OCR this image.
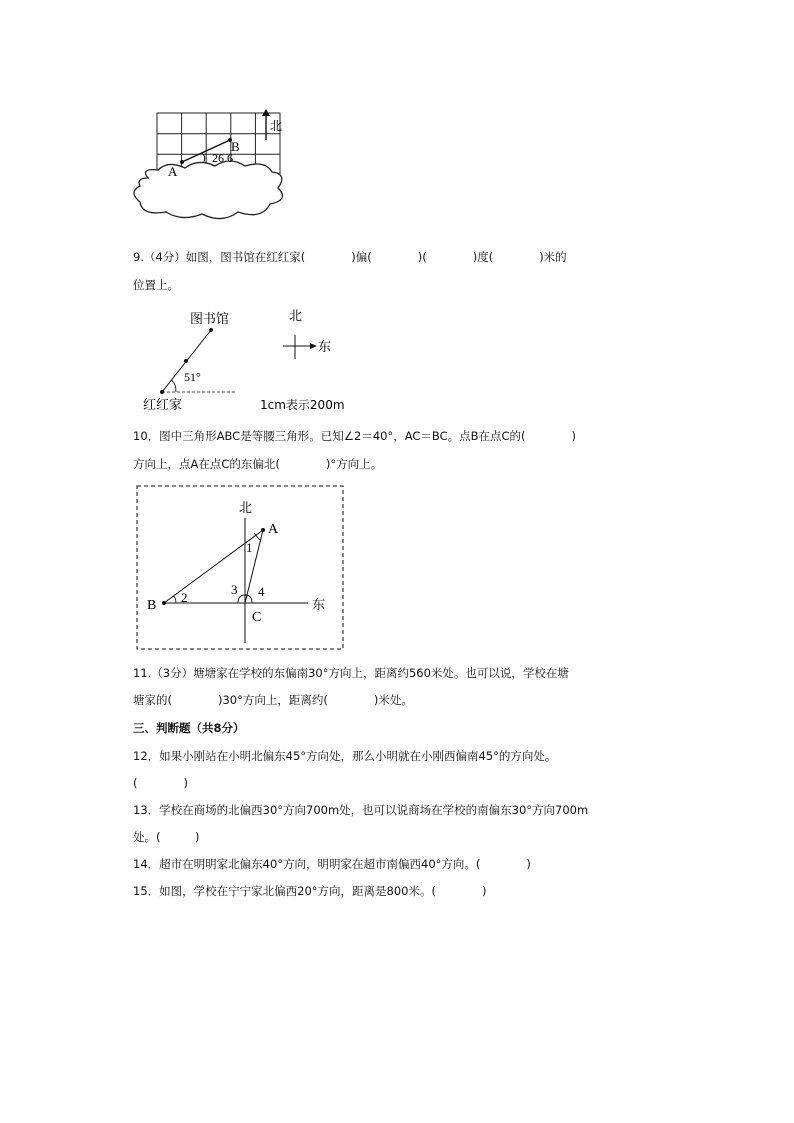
A
B
26.6
北
9.（4分）如图，图书馆在红红家(　　　　)偏(　　　　)(　　　　)度(　　　　)米的
位置上。
图书馆
51°
红红家
北
东
1cm表示200m
10．图中三角形ABC是等腰三角形。已知∠2＝40°，AC＝BC。点B在点C的(　　　　)
方向上，点A在点C的东偏北(　　　　)°方向上。
北
东
A
B
C
1
2
3 4
11.（3分）塘塘家在学校的东偏南30°方向上，距离约560米处。也可以说，学校在塘
塘家的(　　　　)30°方向上，距离约(　　　　)米处。
三、判断题（共8分）
12．如果小刚站在小明北偏东45°方向处，那么小明就在小刚西偏南45°的方向处。
(　　　　)
13．学校在商场的北偏西30°方向700m处，也可以说商场在学校的南偏东30°方向700m
处。(　　　)
14．超市在明明家北偏东40°方向，明明家在超市南偏西40°方向。(　　　　)
15．如图，学校在宁宁家北偏西20°方向，距离是800米。(　　　　)
